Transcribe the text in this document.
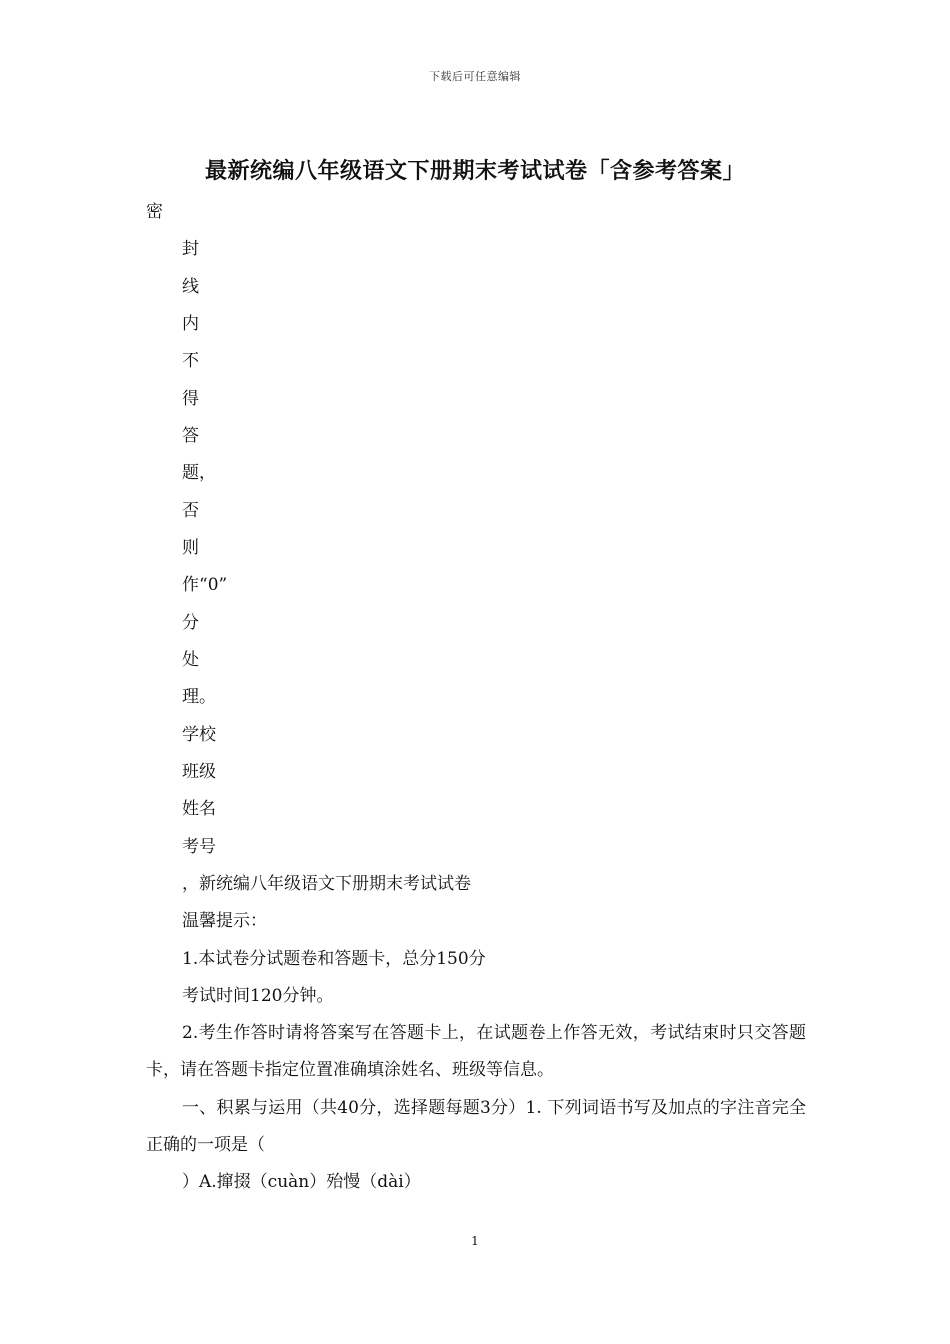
下载后可任意编辑
最新统编八年级语文下册期末考试试卷「含参考答案」
密
封
线
内
不
得
答
题，
否
则
作“0”
分
处
理。
学校
班级
姓名
考号
，新统编八年级语文下册期末考试试卷
温馨提示：
1.本试卷分试题卷和答题卡，总分150分
考试时间120分钟。
2.考生作答时请将答案写在答题卡上，在试题卷上作答无效，考试结束时只交答题卡，请在答题卡指定位置准确填涂姓名、班级等信息。
一、积累与运用（共40分，选择题每题3分）1. 下列词语书写及加点的字注音完全正确的一项是（
）A.撺掇（cuàn）殆慢（dài）
1
